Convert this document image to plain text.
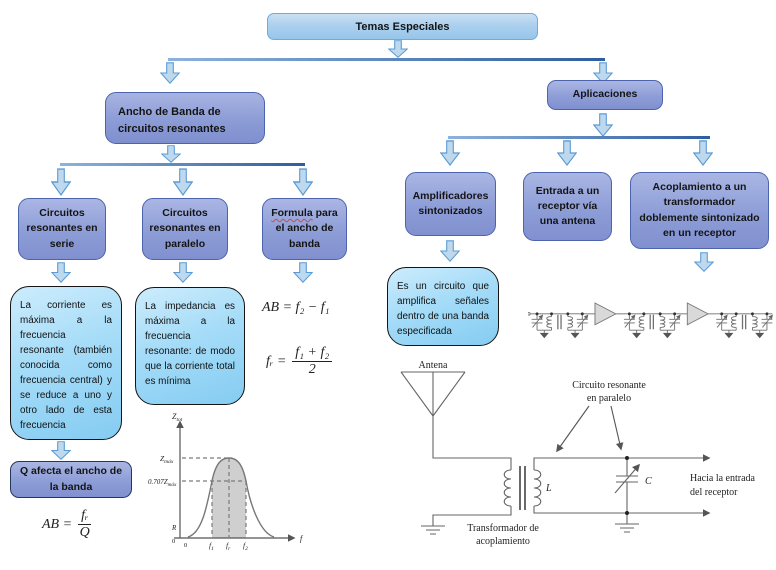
Temas Especiales
Ancho de Banda de circuitos resonantes
Circuitos resonantes en serie
Circuitos resonantes en paralelo
Formula para el ancho de banda
La corriente es máxima a la frecuencia resonante (también conocida como frecuencia central) y se reduce a uno y otro lado de esta frecuencia
La impedancia es máxima a la frecuencia resonante: de modo que la corriente total es mínima
AB = f₂ − f₁
fᵣ = $\frac{\text{f₁ + f₂}}{2}$
Q afecta el ancho de la banda
AB = $\frac{\text{fᵣ}}{Q}$
$Z_{tot}$
$Z_{máx}$
$0.707Z_{máx}$
R
0
0	$f_1$ $f_r$ $f_2$
f
Aplicaciones
Amplificadores sintonizados
Entrada a un receptor vía una antena
Acoplamiento a un transformador doblemente sintonizado en un receptor
Es un circuito que amplifica señales dentro de una banda especificada
Antena
Circuito resonante
en paralelo
L
C
Transformador de
acoplamiento
Hacia la entrada
del receptor
